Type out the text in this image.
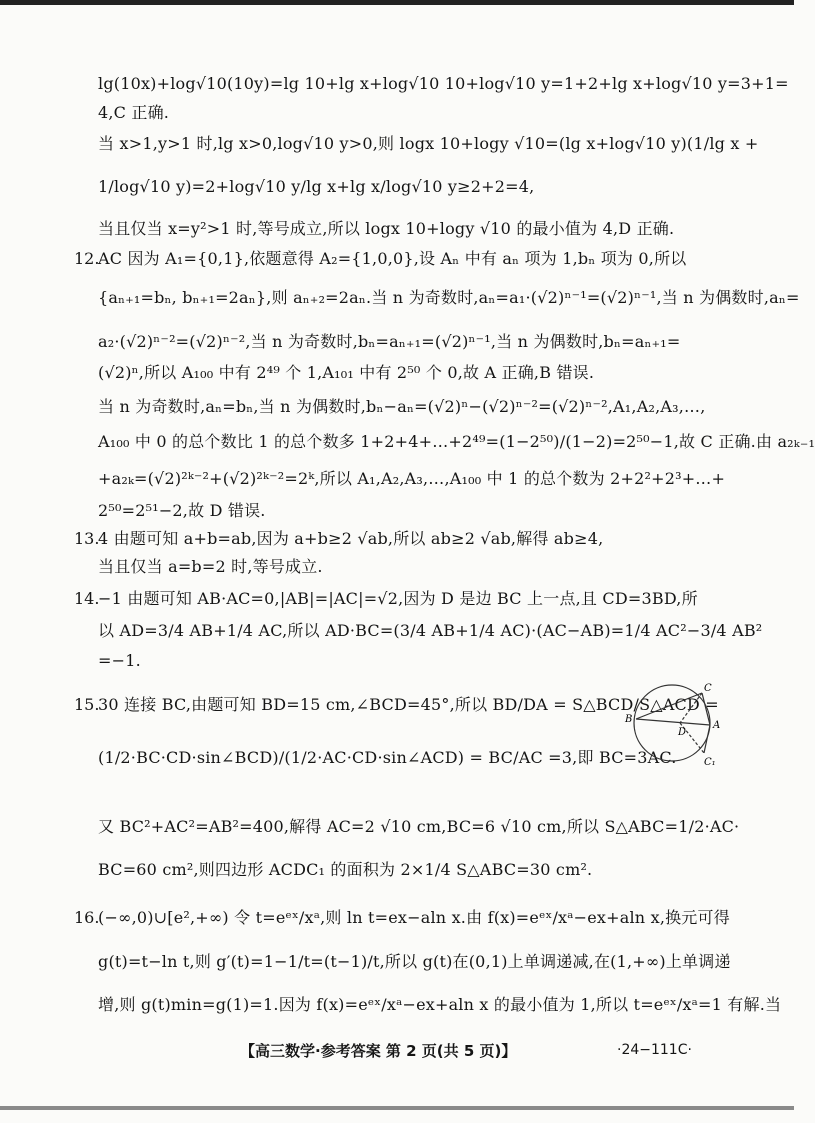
lg(10x)+log√10(10y)=lg 10+lg x+log√10 10+log√10 y=1+2+lg x+log√10 y=3+1=
4,C 正确.
当 x>1,y>1 时,lg x>0,log√10 y>0,则 logx 10+logy √10=(lg x+log√10 y)(1/lg x +
1/log√10 y)=2+log√10 y/lg x+lg x/log√10 y≥2+2=4,
当且仅当 x=y²>1 时,等号成立,所以 logx 10+logy √10 的最小值为 4,D 正确.
12.
AC 因为 A₁={0,1},依题意得 A₂={1,0,0},设 Aₙ 中有 aₙ 项为 1,bₙ 项为 0,所以
{aₙ₊₁=bₙ, bₙ₊₁=2aₙ},则 aₙ₊₂=2aₙ.当 n 为奇数时,aₙ=a₁·(√2)ⁿ⁻¹=(√2)ⁿ⁻¹,当 n 为偶数时,aₙ=
a₂·(√2)ⁿ⁻²=(√2)ⁿ⁻²,当 n 为奇数时,bₙ=aₙ₊₁=(√2)ⁿ⁻¹,当 n 为偶数时,bₙ=aₙ₊₁=
(√2)ⁿ,所以 A₁₀₀ 中有 2⁴⁹ 个 1,A₁₀₁ 中有 2⁵⁰ 个 0,故 A 正确,B 错误.
当 n 为奇数时,aₙ=bₙ,当 n 为偶数时,bₙ−aₙ=(√2)ⁿ−(√2)ⁿ⁻²=(√2)ⁿ⁻²,A₁,A₂,A₃,…,
A₁₀₀ 中 0 的总个数比 1 的总个数多 1+2+4+…+2⁴⁹=(1−2⁵⁰)/(1−2)=2⁵⁰−1,故 C 正确.由 a₂ₖ₋₁
+a₂ₖ=(√2)²ᵏ⁻²+(√2)²ᵏ⁻²=2ᵏ,所以 A₁,A₂,A₃,…,A₁₀₀ 中 1 的总个数为 2+2²+2³+…+
2⁵⁰=2⁵¹−2,故 D 错误.
13.
4 由题可知 a+b=ab,因为 a+b≥2 √ab,所以 ab≥2 √ab,解得 ab≥4,
当且仅当 a=b=2 时,等号成立.
14.
−1 由题可知 AB·AC=0,|AB|=|AC|=√2,因为 D 是边 BC 上一点,且 CD=3BD,所
以 AD=3/4 AB+1/4 AC,所以 AD·BC=(3/4 AB+1/4 AC)·(AC−AB)=1/4 AC²−3/4 AB²
=−1.
15.
30 连接 BC,由题可知 BD=15 cm,∠BCD=45°,所以 BD/DA = S△BCD/S△ACD =
(1/2·BC·CD·sin∠BCD)/(1/2·AC·CD·sin∠ACD) = BC/AC =3,即 BC=3AC.
又 BC²+AC²=AB²=400,解得 AC=2 √10 cm,BC=6 √10 cm,所以 S△ABC=1/2·AC·
BC=60 cm²,则四边形 ACDC₁ 的面积为 2×1/4 S△ABC=30 cm².
16.
(−∞,0)∪[e²,+∞) 令 t=eᵉˣ/xᵃ,则 ln t=ex−aln x.由 f(x)=eᵉˣ/xᵃ−ex+aln x,换元可得
g(t)=t−ln t,则 g′(t)=1−1/t=(t−1)/t,所以 g(t)在(0,1)上单调递减,在(1,+∞)上单调递
增,则 g(t)min=g(1)=1.因为 f(x)=eᵉˣ/xᵃ−ex+aln x 的最小值为 1,所以 t=eᵉˣ/xᵃ=1 有解.当
C
B
A
D
C₁
【高三数学·参考答案 第 2 页(共 5 页)】	·24−111C·
